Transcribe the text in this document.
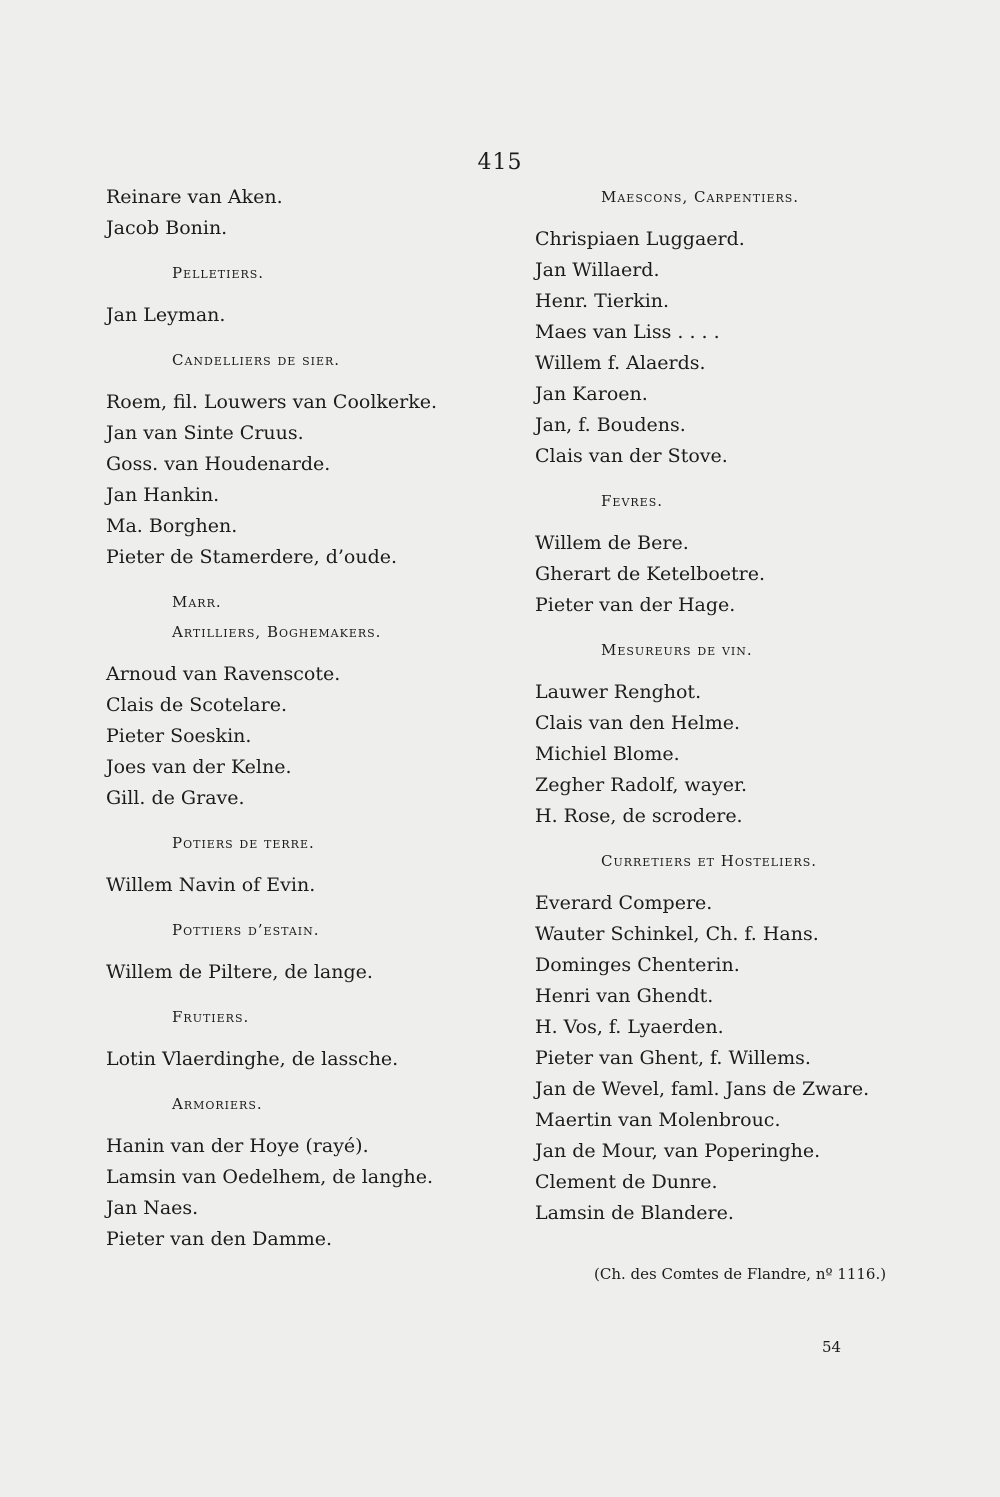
415
Reinare van Aken.
Jacob Bonin.
Pelletiers.
Jan Leyman.
Candelliers de sier.
Roem, fil. Louwers van Coolkerke.
Jan van Sinte Cruus.
Goss. van Houdenarde.
Jan Hankin.
Ma. Borghen.
Pieter de Stamerdere, d’oude.
Marr.
Artilliers, Boghemakers.
Arnoud van Ravenscote.
Clais de Scotelare.
Pieter Soeskin.
Joes van der Kelne.
Gill. de Grave.
Potiers de terre.
Willem Navin of Evin.
Pottiers d’estain.
Willem de Piltere, de lange.
Frutiers.
Lotin Vlaerdinghe, de lassche.
Armoriers.
Hanin van der Hoye (rayé).
Lamsin van Oedelhem, de langhe.
Jan Naes.
Pieter van den Damme.
Maescons, Carpentiers.
Chrispiaen Luggaerd.
Jan Willaerd.
Henr. Tierkin.
Maes van Liss . . . .
Willem f. Alaerds.
Jan Karoen.
Jan, f. Boudens.
Clais van der Stove.
Fevres.
Willem de Bere.
Gherart de Ketelboetre.
Pieter van der Hage.
Mesureurs de vin.
Lauwer Renghot.
Clais van den Helme.
Michiel Blome.
Zegher Radolf, wayer.
H. Rose, de scrodere.
Curretiers et Hosteliers.
Everard Compere.
Wauter Schinkel, Ch. f. Hans.
Dominges Chenterin.
Henri van Ghendt.
H. Vos, f. Lyaerden.
Pieter van Ghent, f. Willems.
Jan de Wevel, faml. Jans de Zware.
Maertin van Molenbrouc.
Jan de Mour, van Poperinghe.
Clement de Dunre.
Lamsin de Blandere.
(Ch. des Comtes de Flandre, nº 1116.)
54
